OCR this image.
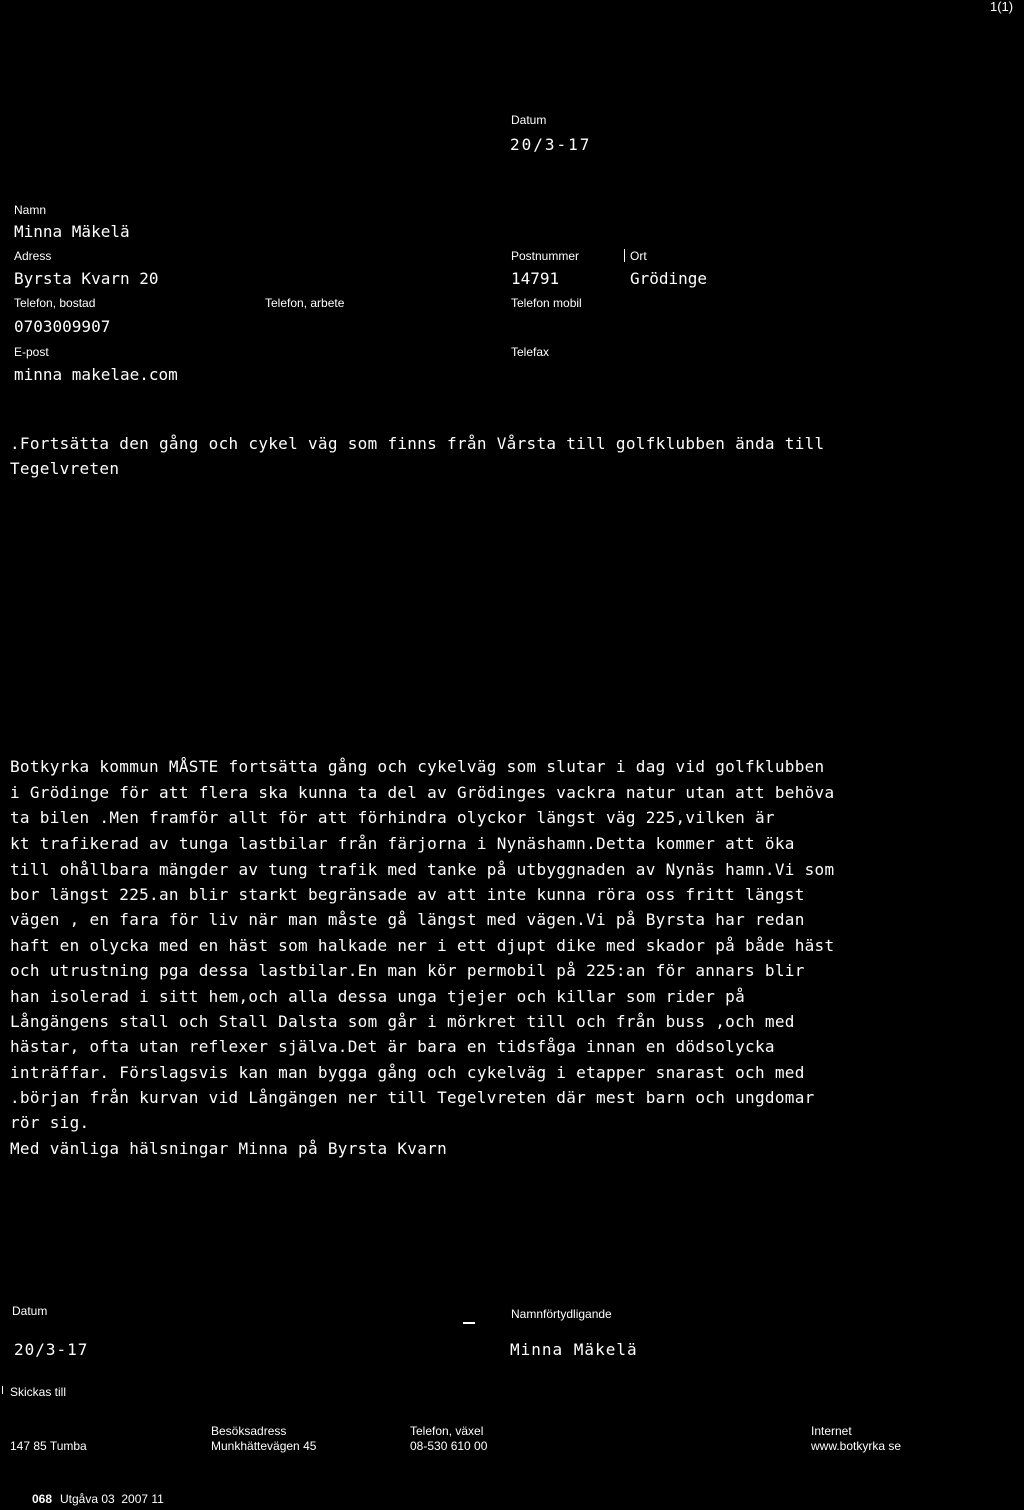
1(1)
Datum
20/3-17
Namn
Minna Mäkelä
Adress
Byrsta Kvarn 20
Postnummer
14791
Ort
Grödinge
Telefon, bostad
0703009907
Telefon, arbete	Telefon mobil
E-post
minna makelae.com
Telefax
.Fortsätta den gång och cykel väg som finns från Vårsta till golfklubben ända till
Tegelvreten
Botkyrka kommun MÅSTE fortsätta gång och cykelväg som slutar i dag vid golfklubben
i Grödinge för att flera ska kunna ta del av Grödinges vackra natur utan att behöva
ta bilen .Men framför allt för att förhindra olyckor längst väg 225,vilken är
kt trafikerad av tunga lastbilar från färjorna i Nynäshamn.Detta kommer att öka
till ohållbara mängder av tung trafik med tanke på utbyggnaden av Nynäs hamn.Vi som
bor längst 225.an blir starkt begränsade av att inte kunna röra oss fritt längst
vägen , en fara för liv när man måste gå längst med vägen.Vi på Byrsta har redan
haft en olycka med en häst som halkade ner i ett djupt dike med skador på både häst
och utrustning pga dessa lastbilar.En man kör permobil på 225:an för annars blir
han isolerad i sitt hem,och alla dessa unga tjejer och killar som rider på
Långängens stall och Stall Dalsta som går i mörkret till och från buss ,och med
hästar, ofta utan reflexer själva.Det är bara en tidsfåga innan en dödsolycka
inträffar. Förslagsvis kan man bygga gång och cykelväg i etapper snarast och med
.början från kurvan vid Långängen ner till Tegelvreten där mest barn och ungdomar
rör sig.
Med vänliga hälsningar Minna på Byrsta Kvarn
Datum
20/3-17
Namnförtydligande
Minna Mäkelä
Skickas till
147 85 Tumba
Besöksadress
Munkhättevägen 45
Telefon, växel
08-530 610 00
Internet
www.botkyrka se
068 Utgåva 03  2007 11
